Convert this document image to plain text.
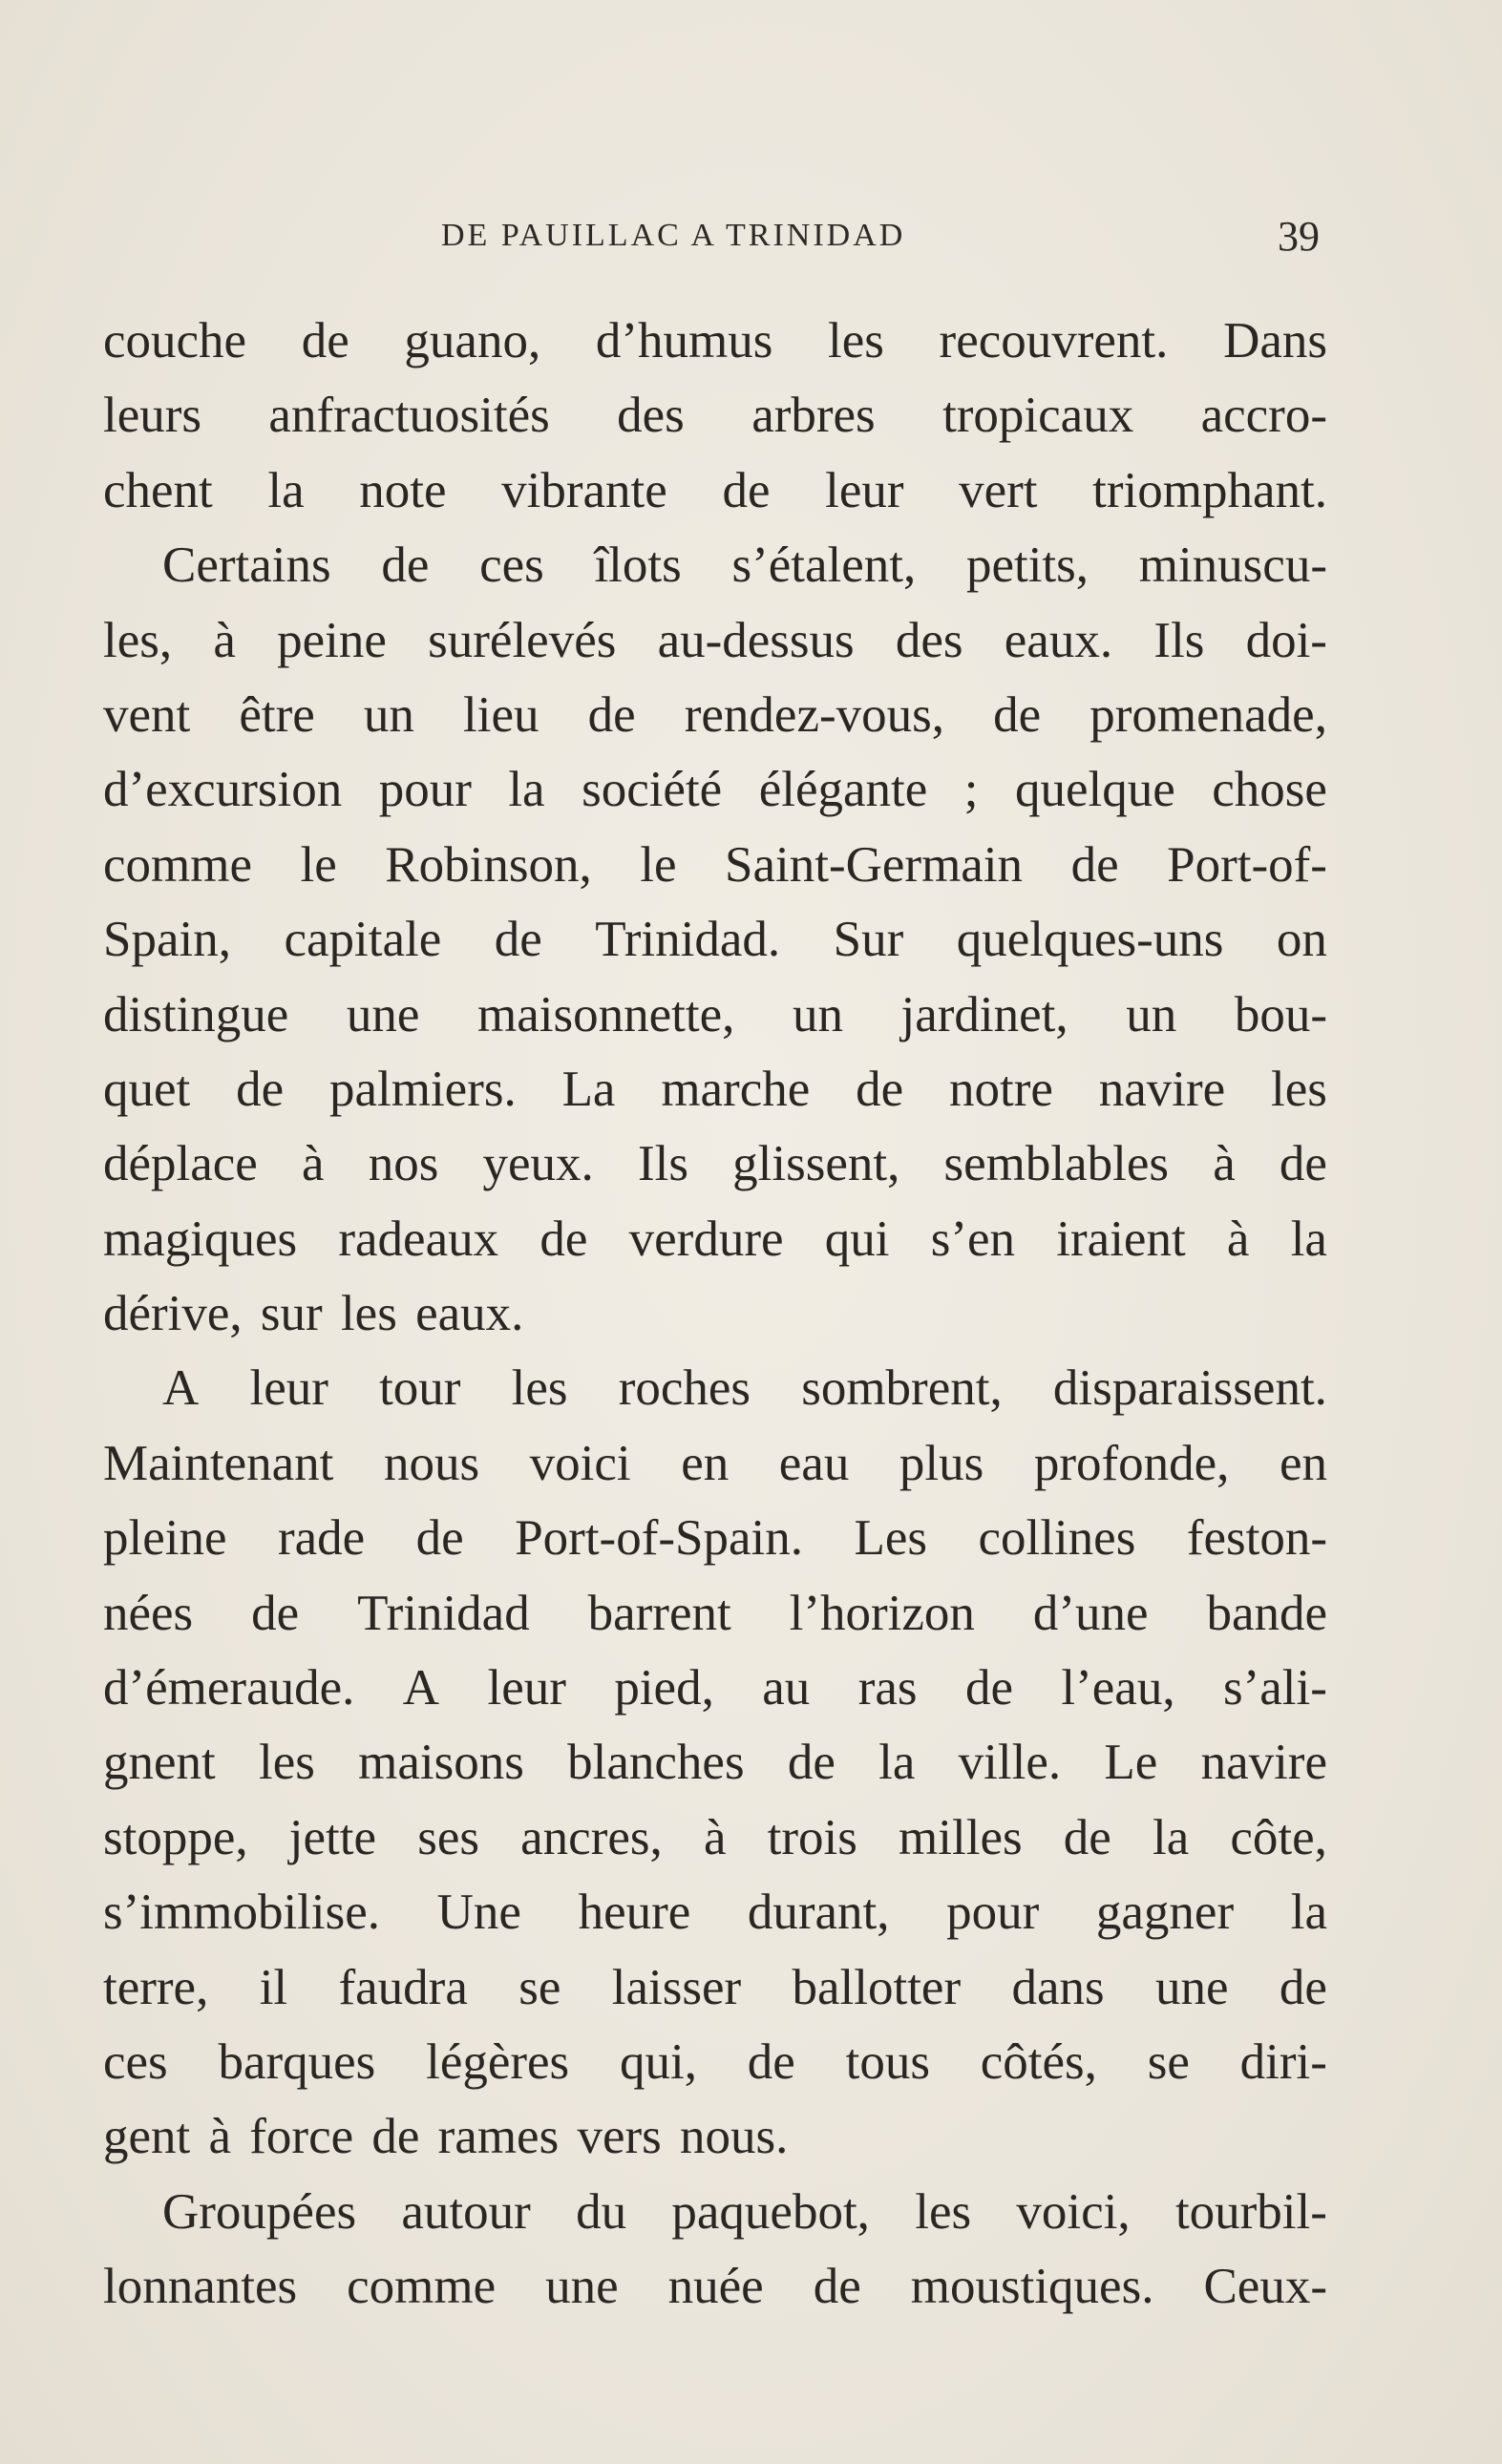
DE PAUILLAC A TRINIDAD	39
couche de guano, d’humus les recouvrent. Dans
leurs anfractuosités des arbres tropicaux accro-
chent la note vibrante de leur vert triomphant.
Certains de ces îlots s’étalent, petits, minuscu-
les, à peine surélevés au-dessus des eaux. Ils doi-
vent être un lieu de rendez-vous, de promenade,
d’excursion pour la société élégante ; quelque chose
comme le Robinson, le Saint-Germain de Port-of-
Spain, capitale de Trinidad. Sur quelques-uns on
distingue une maisonnette, un jardinet, un bou-
quet de palmiers. La marche de notre navire les
déplace à nos yeux. Ils glissent, semblables à de
magiques radeaux de verdure qui s’en iraient à la
dérive, sur les eaux.
A leur tour les roches sombrent, disparaissent.
Maintenant nous voici en eau plus profonde, en
pleine rade de Port-of-Spain. Les collines feston-
nées de Trinidad barrent l’horizon d’une bande
d’émeraude. A leur pied, au ras de l’eau, s’ali-
gnent les maisons blanches de la ville. Le navire
stoppe, jette ses ancres, à trois milles de la côte,
s’immobilise. Une heure durant, pour gagner la
terre, il faudra se laisser ballotter dans une de
ces barques légères qui, de tous côtés, se diri-
gent à force de rames vers nous.
Groupées autour du paquebot, les voici, tourbil-
lonnantes comme une nuée de moustiques. Ceux-
